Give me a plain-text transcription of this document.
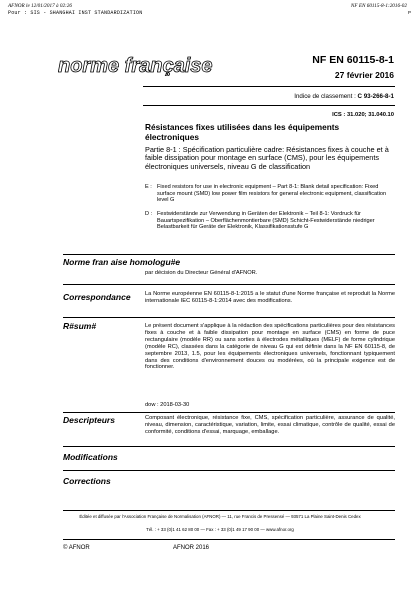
AFNOR le 12/01/2017 à 02:26
Pour : SIS - SHANGHAI INST STANDARDIZATION
NF EN 60115-8-1:2016-02
P
norme française	NF EN 60115-8-1
27 février 2016
Indice de classement : C 93-266-8-1
ICS : 31.020; 31.040.10
Résistances fixes utilisées dans les équipements électroniques
Partie 8-1 : Spécification particulière cadre: Résistances fixes à couche et à faible dissipation pour montage en surface (CMS), pour les équipements électroniques universels, niveau G de classification
E : Fixed resistors for use in electronic equipment – Part 8-1: Blank detail specification: Fixed surface mount (SMD) low power film resistors for general electronic equipment, classification level G
D : Festwiderstände zur Verwendung in Geräten der Elektronik – Teil 8-1: Vordruck für Bauartspezifikation – Oberflächenmontierbare (SMD) Schicht-Festwiderstände niedriger Belastbarkeit für Geräte der Elektronik, Klassifikationsstufe G
Norme fran aise homologu#e
par décision du Directeur Général d'AFNOR.
Correspondance	La Norme européenne EN 60115-8-1:2015 a le statut d'une Norme française et reproduit la Norme internationale IEC 60115-8-1:2014 avec des modifications.
R#sum#	Le présent document s'applique à la rédaction des spécifications particulières pour des résistances fixes à couche et à faible dissipation pour montage en surface (CMS) en forme de puce rectangulaire (modèle RR) ou sans sorties à électrodes métalliques (MELF) de forme cylindrique (modèle RC), classées dans la catégorie de niveau G qui est définie dans la NF EN 60115-8, de septembre 2013, 1.5, pour les équipements électroniques universels, fonctionnant typiquement dans des conditions d'environnement douces ou modérées, où la principale exigence est de fonctionner.
dow : 2018-03-30
Descripteurs	Composant électronique, résistance fixe, CMS, spécification particulière, assurance de qualité, niveau, dimension, caractéristique, variation, limite, essai climatique, contrôle de qualité, essai de conformité, conditions d'essai, marquage, emballage.
Modifications
Corrections
Éditée et diffusée par l'Association Française de Normalisation (AFNOR) — 11, rue Francis de Pressensé — 93571 La Plaine Saint-Denis Cedex
Tél. : + 33 (0)1 41 62 80 00 — Fax : + 33 (0)1 49 17 90 00 — www.afnor.org
© AFNOR	AFNOR 2016
